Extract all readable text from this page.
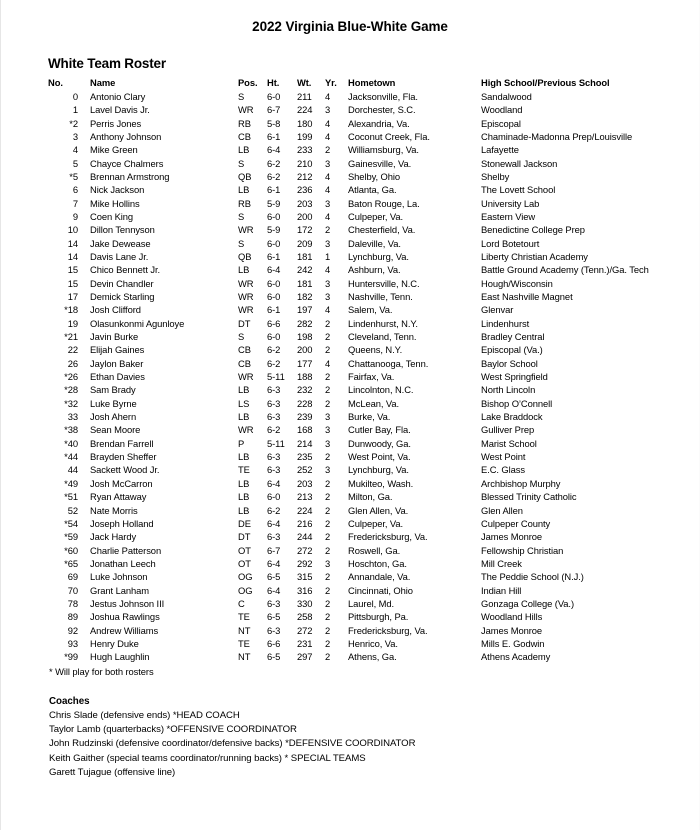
2022 Virginia Blue-White Game
White Team Roster
No.		Name	Pos.	Ht.	Wt.	Yr.	Hometown	High School/Previous School
0		Antonio Clary	S	6-0	211	4	Jacksonville, Fla.	Sandalwood
1		Lavel Davis Jr.	WR	6-7	224	3	Dorchester, S.C.	Woodland
*2		Perris Jones	RB	5-8	180	4	Alexandria, Va.	Episcopal
3		Anthony Johnson	CB	6-1	199	4	Coconut Creek, Fla.	Chaminade-Madonna Prep/Louisville
4		Mike Green	LB	6-4	233	2	Williamsburg, Va.	Lafayette
5		Chayce Chalmers	S	6-2	210	3	Gainesville, Va.	Stonewall Jackson
*5		Brennan Armstrong	QB	6-2	212	4	Shelby, Ohio	Shelby
6		Nick Jackson	LB	6-1	236	4	Atlanta, Ga.	The Lovett School
7		Mike Hollins	RB	5-9	203	3	Baton Rouge, La.	University Lab
9		Coen King	S	6-0	200	4	Culpeper, Va.	Eastern View
10		Dillon Tennyson	WR	5-9	172	2	Chesterfield, Va.	Benedictine College Prep
14		Jake Dewease	S	6-0	209	3	Daleville, Va.	Lord Botetourt
14		Davis Lane Jr.	QB	6-1	181	1	Lynchburg, Va.	Liberty Christian Academy
15		Chico Bennett Jr.	LB	6-4	242	4	Ashburn, Va.	Battle Ground Academy (Tenn.)/Ga. Tech
15		Devin Chandler	WR	6-0	181	3	Huntersville, N.C.	Hough/Wisconsin
17		Demick Starling	WR	6-0	182	3	Nashville, Tenn.	East Nashville Magnet
*18		Josh Clifford	WR	6-1	197	4	Salem, Va.	Glenvar
19		Olasunkonmi Agunloye	DT	6-6	282	2	Lindenhurst, N.Y.	Lindenhurst
*21		Javin Burke	S	6-0	198	2	Cleveland, Tenn.	Bradley Central
22		Elijah Gaines	CB	6-2	200	2	Queens, N.Y.	Episcopal (Va.)
26		Jaylon Baker	CB	6-2	177	4	Chattanooga, Tenn.	Baylor School
*26		Ethan Davies	WR	5-11	188	2	Fairfax, Va.	West Springfield
*28		Sam Brady	LB	6-3	232	2	Lincolnton, N.C.	North Lincoln
*32		Luke Byrne	LS	6-3	228	2	McLean, Va.	Bishop O’Connell
33		Josh Ahern	LB	6-3	239	3	Burke, Va.	Lake Braddock
*38		Sean Moore	WR	6-2	168	3	Cutler Bay, Fla.	Gulliver Prep
*40		Brendan Farrell	P	5-11	214	3	Dunwoody, Ga.	Marist School
*44		Brayden Sheffer	LB	6-3	235	2	West Point, Va.	West Point
44		Sackett Wood Jr.	TE	6-3	252	3	Lynchburg, Va.	E.C. Glass
*49		Josh McCarron	LB	6-4	203	2	Mukilteo, Wash.	Archbishop Murphy
*51		Ryan Attaway	LB	6-0	213	2	Milton, Ga.	Blessed Trinity Catholic
52		Nate Morris	LB	6-2	224	2	Glen Allen, Va.	Glen Allen
*54		Joseph Holland	DE	6-4	216	2	Culpeper, Va.	Culpeper County
*59		Jack Hardy	DT	6-3	244	2	Fredericksburg, Va.	James Monroe
*60		Charlie Patterson	OT	6-7	272	2	Roswell, Ga.	Fellowship Christian
*65		Jonathan Leech	OT	6-4	292	3	Hoschton, Ga.	Mill Creek
69		Luke Johnson	OG	6-5	315	2	Annandale, Va.	The Peddie School (N.J.)
70		Grant Lanham	OG	6-4	316	2	Cincinnati, Ohio	Indian Hill
78		Jestus Johnson III	C	6-3	330	2	Laurel, Md.	Gonzaga College (Va.)
89		Joshua Rawlings	TE	6-5	258	2	Pittsburgh, Pa.	Woodland Hills
92		Andrew Williams	NT	6-3	272	2	Fredericksburg, Va.	James Monroe
93		Henry Duke	TE	6-6	231	2	Henrico, Va.	Mills E. Godwin
*99		Hugh Laughlin	NT	6-5	297	2	Athens, Ga.	Athens Academy
* Will play for both rosters
Coaches
Chris Slade (defensive ends) *HEAD COACH
Taylor Lamb (quarterbacks) *OFFENSIVE COORDINATOR
John Rudzinski (defensive coordinator/defensive backs) *DEFENSIVE COORDINATOR
Keith Gaither (special teams coordinator/running backs) * SPECIAL TEAMS
Garett Tujague (offensive line)
